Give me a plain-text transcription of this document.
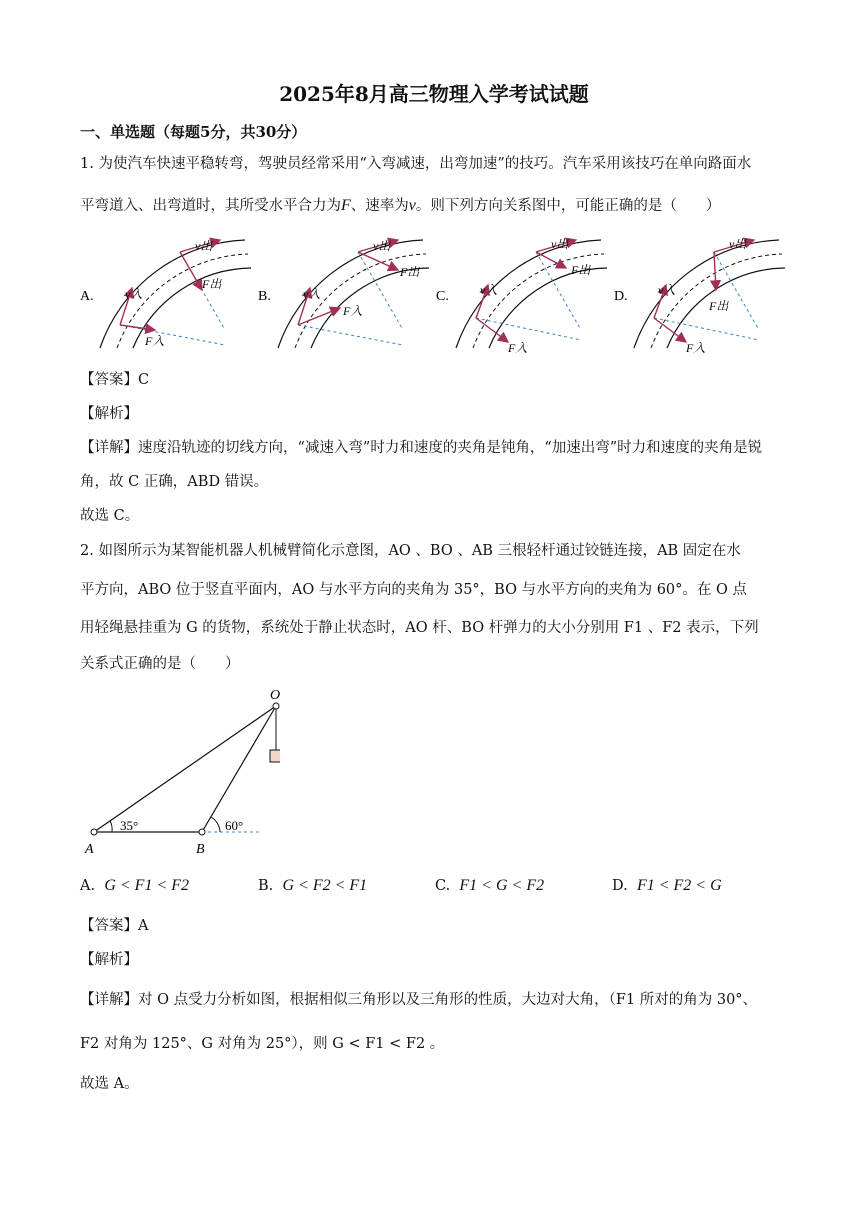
2025年8月高三物理入学考试试题
一、单选题（每题5分，共30分）
1. 为使汽车快速平稳转弯，驾驶员经常采用“入弯减速，出弯加速”的技巧。汽车采用该技巧在单向路面水
平弯道入、出弯道时，其所受水平合力为F、速率为v。则下列方向关系图中，可能正确的是（　　）
A.
v出
v入
F出
F入
B.
v出
v入
F出
F入
C.
v出
v入
F出
F入
D.
v出
v入
F出
F入
【答案】C
【解析】
【详解】速度沿轨迹的切线方向，“减速入弯”时力和速度的夹角是钝角，“加速出弯”时力和速度的夹角是锐
角，故 C 正确，ABD 错误。
故选 C。
2. 如图所示为某智能机器人机械臂简化示意图，AO 、BO 、AB 三根轻杆通过铰链连接，AB 固定在水
平方向，ABO 位于竖直平面内，AO 与水平方向的夹角为 35°，BO 与水平方向的夹角为 60°。在 O 点
用轻绳悬挂重为 G 的货物，系统处于静止状态时，AO 杆、BO 杆弹力的大小分别用 F1 、F2 表示，下列
关系式正确的是（　　）
O
A	B
35°	60°
A. G < F1 < F2	B. G < F2 < F1	C. F1 < G < F2	D. F1 < F2 < G
【答案】A
【解析】
【详解】对 O 点受力分析如图，根据相似三角形以及三角形的性质，大边对大角，（F1 所对的角为 30°、
F2 对角为 125°、G 对角为 25°），则 G < F1 < F2 。
故选 A。
